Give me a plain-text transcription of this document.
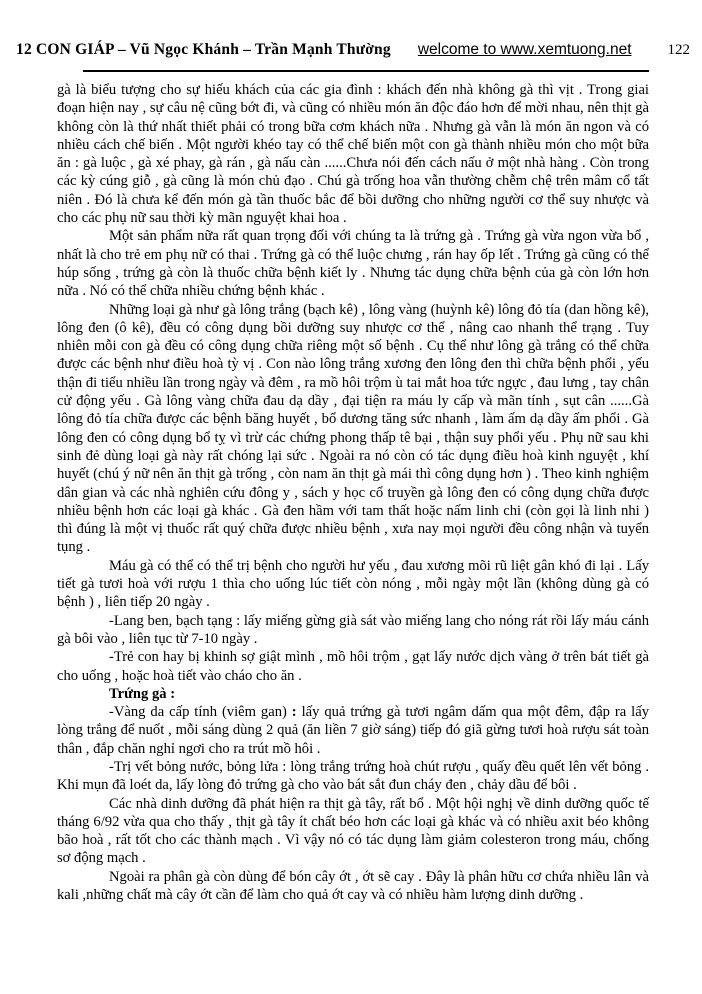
12 CON GIÁP – Vũ Ngọc Khánh – Trần Mạnh Thường welcome to www.xemtuong.net 122

gà là biểu tượng cho sự hiếu khách của các gia đình : khách đến nhà không gà thì vịt . Trong giai đoạn hiện nay , sự câu nệ cũng bớt đi, và cũng có nhiều món ăn độc đáo hơn để mời nhau, nên thịt gà không còn là thứ nhất thiết phải có trong bữa cơm khách nữa . Nhưng gà vẫn là món ăn ngon và có nhiều cách chế biến . Một người khéo tay có thể chế biến một con gà thành nhiều món cho một bữa ăn : gà luộc , gà xé phay, gà rán , gà nấu càn ......Chưa nói đến cách nấu ở một nhà hàng . Còn trong các kỳ cúng giỗ , gà cũng là món chủ đạo . Chú gà trống hoa vẫn thường chễm chệ trên mâm cổ tất niên . Đó là chưa kể đến món gà tần thuốc bắc để bồi dưỡng cho những người cơ thể suy nhược và cho các phụ nữ sau thời kỳ mãn nguyệt khai hoa .

Một sản phẩm nữa rất quan trọng đối với chúng ta là trứng gà . Trứng gà vừa ngon vừa bổ , nhất là cho trẻ em phụ nữ có thai . Trứng gà có thể luộc chưng , rán hay ốp lết . Trứng gà cũng có thể húp sống , trứng gà còn là thuốc chữa bệnh kiết ly . Nhưng tác dụng chữa bệnh của gà còn lớn hơn nữa . Nó có thể chữa nhiều chứng bệnh khác .

Những loại gà như gà lông trắng (bạch kê) , lông vàng (huỳnh kê) lông đỏ tía (dan hồng kê), lông đen (ô kê), đều có công dụng bồi dưỡng suy nhược cơ thể , nâng cao nhanh thể trạng . Tuy nhiên mỗi con gà đều có công dụng chữa riêng một số bệnh . Cụ thể như lông gà trắng có thể chữa được các bệnh như điều hoà tỳ vị . Con nào lông trắng xương đen lông đen thì chữa bệnh phổi , yếu thận đi tiểu nhiều lần trong ngày và đêm , ra mồ hôi trộm ù tai mắt hoa tức ngực , đau lưng , tay chân cử động yếu . Gà lông vàng chữa đau dạ dầy , đại tiện ra máu ly cấp và mãn tính , sụt cân ......Gà lông đỏ tía chữa được các bệnh băng huyết , bổ dương tăng sức nhanh , làm ấm dạ dầy ấm phổi . Gà lông đen có công dụng bổ tỵ vì trừ các chứng phong thấp tê bại , thận suy phổi yếu . Phụ nữ sau khi sinh đẻ dùng loại gà này rất chóng lại sức . Ngoài ra nó còn có tác dụng điều hoà kinh nguyệt , khí huyết (chú ý nữ nên ăn thịt gà trống , còn nam ăn thịt gà mái thì công dụng hơn ) . Theo kinh nghiệm dân gian và các nhà nghiên cứu đông y , sách y học cổ truyền gà lông đen có công dụng chữa được nhiều bệnh hơn các loại gà khác . Gà đen hầm với tam thất hoặc nấm linh chi (còn gọi là linh nhi ) thì đúng là một vị thuốc rất quý chữa được nhiều bệnh , xưa nay mọi người đều công nhận và tuyển tụng .

Máu gà có thể có thể trị bệnh cho người hư yếu , đau xương mõi rũ liệt gân khó đi lại . Lấy tiết gà tươi hoà với rượu 1 thìa cho uống lúc tiết còn nóng , mỗi ngày một lần (không dùng gà có bệnh ) , liên tiếp 20 ngày .

-Lang ben, bạch tạng : lấy miếng gừng già sát vào miếng lang cho nóng rát rồi lấy máu cánh gà bôi vào , liên tục từ 7-10 ngày .

-Trẻ con hay bị khinh sợ giật mình , mồ hôi trộm , gạt lấy nước dịch vàng ở trên bát tiết gà cho uống , hoặc hoà tiết vào cháo cho ăn .

Trứng gà :

-Vàng da cấp tính (viêm gan) : lấy quả trứng gà tươi ngâm dấm qua một đêm, đập ra lấy lòng trắng để nuốt , mỗi sáng dùng 2 quả (ăn liền 7 giờ sáng) tiếp đó giã gừng tươi hoà rượu sát toàn thân , đắp chăn nghỉ ngơi cho ra trút mồ hôi .

-Trị vết bỏng nước, bỏng lửa : lòng trắng trứng hoà chút rượu , quấy đều quết lên vết bỏng . Khi mụn đã loét da, lấy lòng đỏ trứng gà cho vào bát sắt đun cháy đen , chảy dầu để bôi .

Các nhà dinh dưỡng đã phát hiện ra thịt gà tây, rất bổ . Một hội nghị về dinh dưỡng quốc tế tháng 6/92 vừa qua cho thấy , thịt gà tây ít chất béo hơn các loại gà khác và có nhiều axit béo không bão hoà , rất tốt cho các thành mạch . Vì vậy nó có tác dụng làm giảm colesteron trong máu, chống sơ động mạch .

Ngoài ra phân gà còn dùng để bón cây ớt , ớt sẽ cay . Đây là phân hữu cơ chứa nhiều lân và kali ,những chất mà cây ớt cần để làm cho quả ớt cay và có nhiều hàm lượng dinh dưỡng .
